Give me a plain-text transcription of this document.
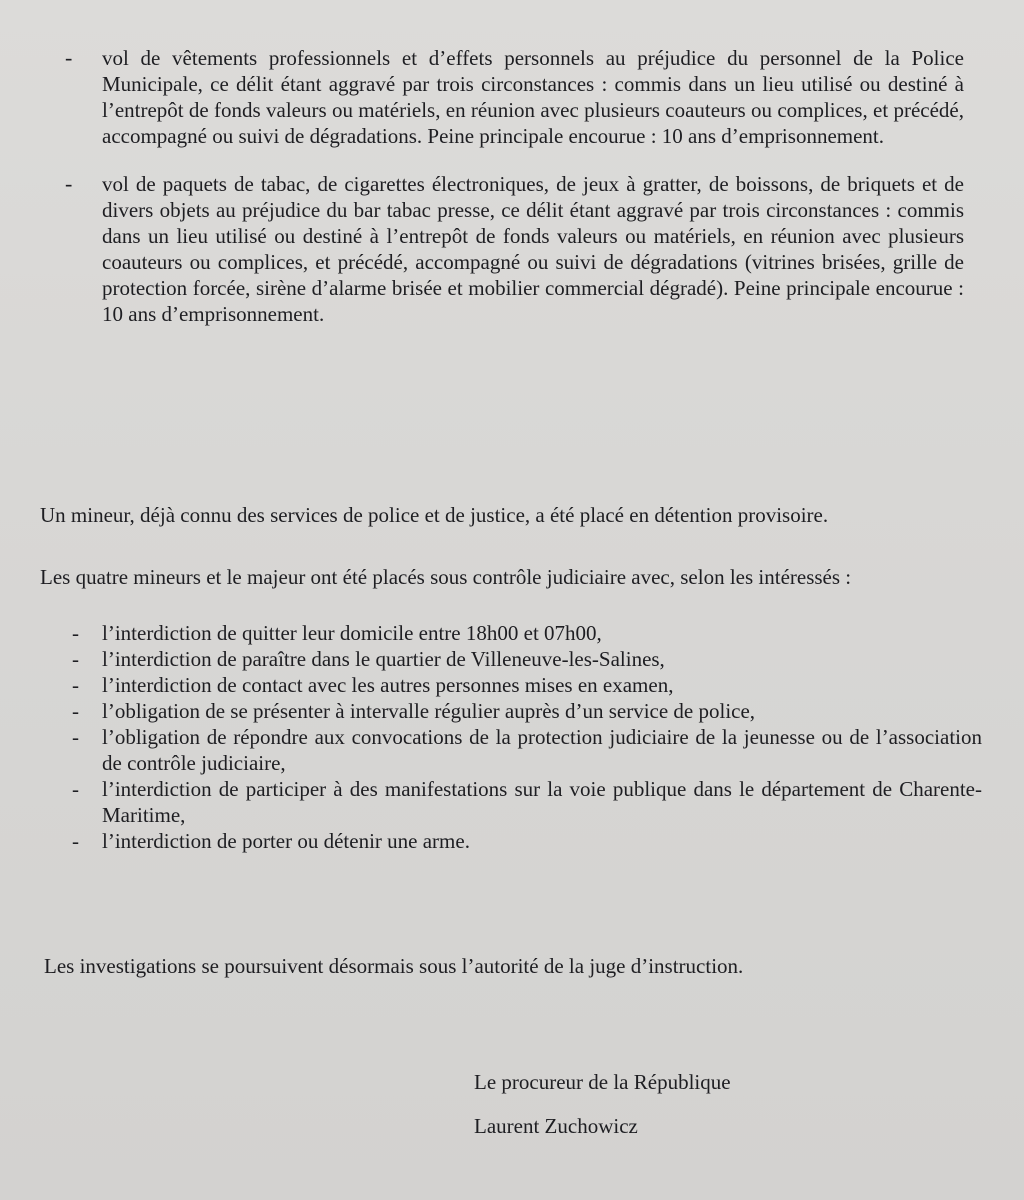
- vol de vêtements professionnels et d’effets personnels au préjudice du personnel de la Police Municipale, ce délit étant aggravé par trois circonstances : commis dans un lieu utilisé ou destiné à l’entrepôt de fonds valeurs ou matériels, en réunion avec plusieurs coauteurs ou complices, et précédé, accompagné ou suivi de dégradations. Peine principale encourue : 10 ans d’emprisonnement.
- vol de paquets de tabac, de cigarettes électroniques, de jeux à gratter, de boissons, de briquets et de divers objets au préjudice du bar tabac presse, ce délit étant aggravé par trois circonstances : commis dans un lieu utilisé ou destiné à l’entrepôt de fonds valeurs ou matériels, en réunion avec plusieurs coauteurs ou complices, et précédé, accompagné ou suivi de dégradations (vitrines brisées, grille de protection forcée, sirène d’alarme brisée et mobilier commercial dégradé). Peine principale encourue : 10 ans d’emprisonnement.
Un mineur, déjà connu des services de police et de justice, a été placé en détention provisoire.
Les quatre mineurs et le majeur ont été placés sous contrôle judiciaire avec, selon les intéressés :
- l’interdiction de quitter leur domicile entre 18h00 et 07h00,
- l’interdiction de paraître dans le quartier de Villeneuve-les-Salines,
- l’interdiction de contact avec les autres personnes mises en examen,
- l’obligation de se présenter à intervalle régulier auprès d’un service de police,
- l’obligation de répondre aux convocations de la protection judiciaire de la jeunesse ou de l’association de contrôle judiciaire,
- l’interdiction de participer à des manifestations sur la voie publique dans le département de Charente-Maritime,
- l’interdiction de porter ou détenir une arme.
Les investigations se poursuivent désormais sous l’autorité de la juge d’instruction.
Le procureur de la République
Laurent Zuchowicz
